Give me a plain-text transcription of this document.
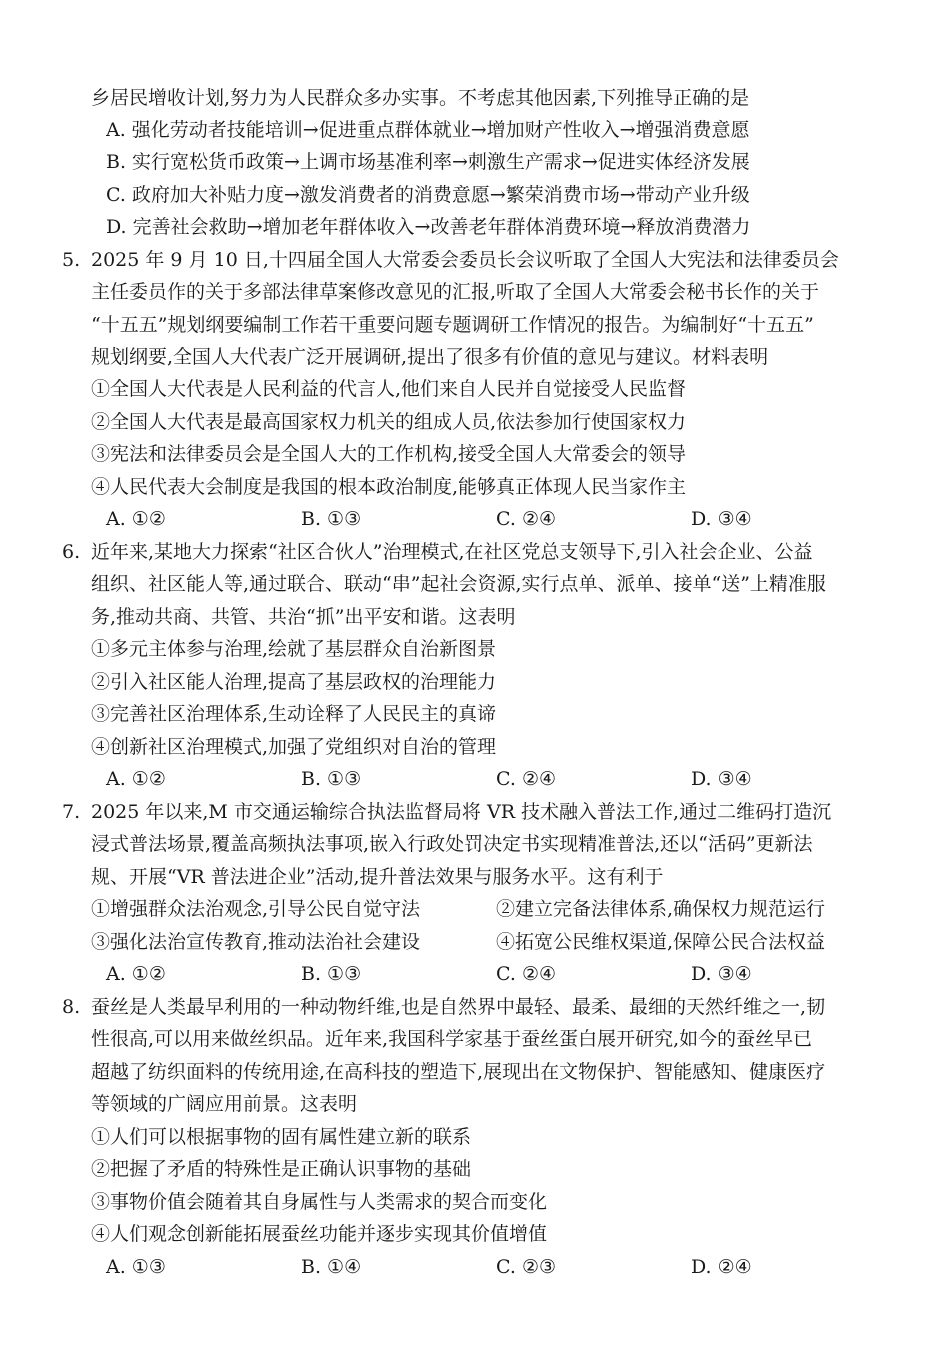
乡居民增收计划,努力为人民群众多办实事。不考虑其他因素,下列推导正确的是
A. 强化劳动者技能培训→促进重点群体就业→增加财产性收入→增强消费意愿
B. 实行宽松货币政策→上调市场基准利率→刺激生产需求→促进实体经济发展
C. 政府加大补贴力度→激发消费者的消费意愿→繁荣消费市场→带动产业升级
D. 完善社会救助→增加老年群体收入→改善老年群体消费环境→释放消费潜力
5. 2025 年 9 月 10 日,十四届全国人大常委会委员长会议听取了全国人大宪法和法律委员会
主任委员作的关于多部法律草案修改意见的汇报,听取了全国人大常委会秘书长作的关于
“十五五”规划纲要编制工作若干重要问题专题调研工作情况的报告。为编制好“十五五”
规划纲要,全国人大代表广泛开展调研,提出了很多有价值的意见与建议。材料表明
①全国人大代表是人民利益的代言人,他们来自人民并自觉接受人民监督
②全国人大代表是最高国家权力机关的组成人员,依法参加行使国家权力
③宪法和法律委员会是全国人大的工作机构,接受全国人大常委会的领导
④人民代表大会制度是我国的根本政治制度,能够真正体现人民当家作主
A. ①②	B. ①③	C. ②④	D. ③④
6. 近年来,某地大力探索“社区合伙人”治理模式,在社区党总支领导下,引入社会企业、公益
组织、社区能人等,通过联合、联动“串”起社会资源,实行点单、派单、接单“送”上精准服
务,推动共商、共管、共治“抓”出平安和谐。这表明
①多元主体参与治理,绘就了基层群众自治新图景
②引入社区能人治理,提高了基层政权的治理能力
③完善社区治理体系,生动诠释了人民民主的真谛
④创新社区治理模式,加强了党组织对自治的管理
A. ①②	B. ①③	C. ②④	D. ③④
7. 2025 年以来,M 市交通运输综合执法监督局将 VR 技术融入普法工作,通过二维码打造沉
浸式普法场景,覆盖高频执法事项,嵌入行政处罚决定书实现精准普法,还以“活码”更新法
规、开展“VR 普法进企业”活动,提升普法效果与服务水平。这有利于
①增强群众法治观念,引导公民自觉守法	②建立完备法律体系,确保权力规范运行
③强化法治宣传教育,推动法治社会建设	④拓宽公民维权渠道,保障公民合法权益
A. ①②	B. ①③	C. ②④	D. ③④
8. 蚕丝是人类最早利用的一种动物纤维,也是自然界中最轻、最柔、最细的天然纤维之一,韧
性很高,可以用来做丝织品。近年来,我国科学家基于蚕丝蛋白展开研究,如今的蚕丝早已
超越了纺织面料的传统用途,在高科技的塑造下,展现出在文物保护、智能感知、健康医疗
等领域的广阔应用前景。这表明
①人们可以根据事物的固有属性建立新的联系
②把握了矛盾的特殊性是正确认识事物的基础
③事物价值会随着其自身属性与人类需求的契合而变化
④人们观念创新能拓展蚕丝功能并逐步实现其价值增值
A. ①③	B. ①④	C. ②③	D. ②④
